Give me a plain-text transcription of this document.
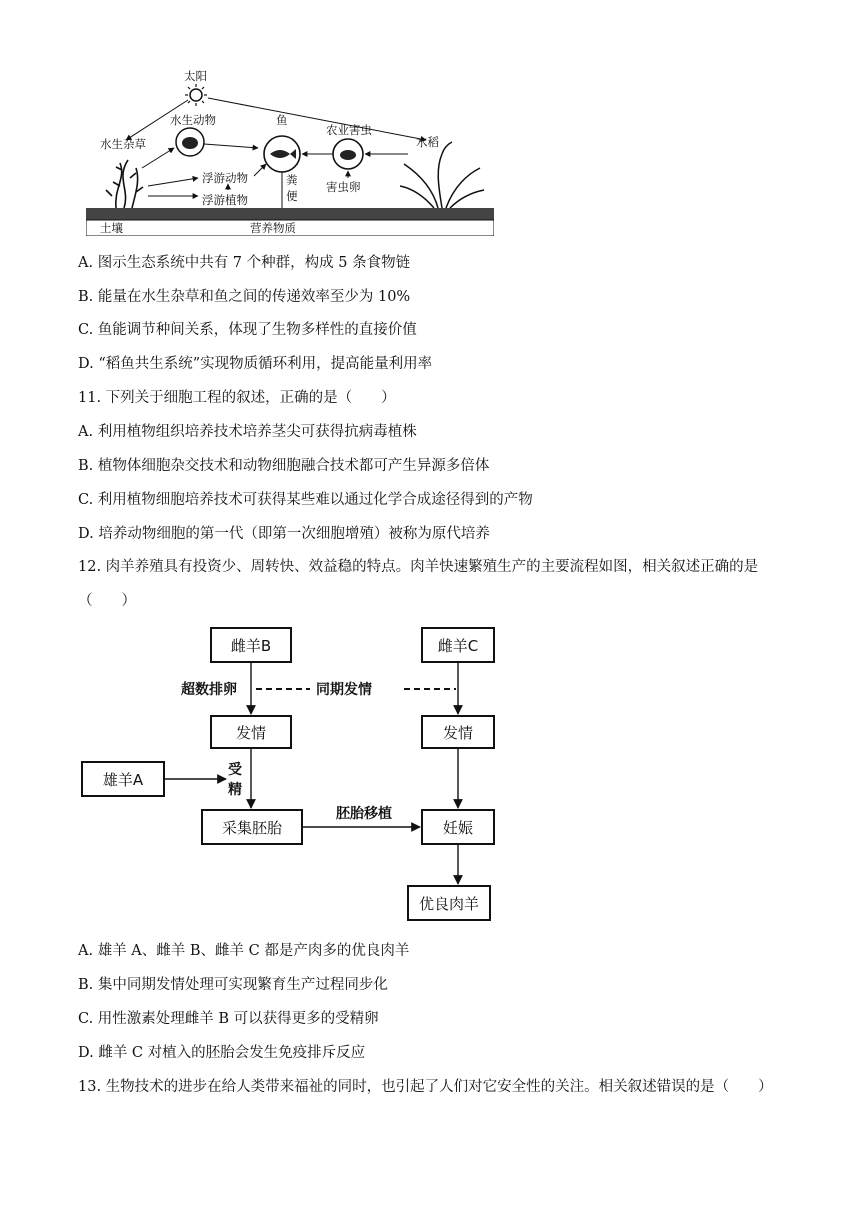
太阳
水生杂草
水生动物	鱼
农业害虫
害虫卵
水稻
浮游动物
浮游植物
粪
便
土壤	营养物质
A. 图示生态系统中共有 7 个种群，构成 5 条食物链
B. 能量在水生杂草和鱼之间的传递效率至少为 10%
C. 鱼能调节种间关系，体现了生物多样性的直接价值
D. “稻鱼共生系统”实现物质循环利用，提高能量利用率
11. 下列关于细胞工程的叙述，正确的是（　　）
A. 利用植物组织培养技术培养茎尖可获得抗病毒植株
B. 植物体细胞杂交技术和动物细胞融合技术都可产生异源多倍体
C. 利用植物细胞培养技术可获得某些难以通过化学合成途径得到的产物
D. 培养动物细胞的第一代（即第一次细胞增殖）被称为原代培养
12. 肉羊养殖具有投资少、周转快、效益稳的特点。肉羊快速繁殖生产的主要流程如图，相关叙述正确的是
（　　）
雌羊B	雌羊C
发情	发情
雄羊A
采集胚胎	妊娠
优良肉羊
超数排卵	同期发情
受
精
胚胎移植
A. 雄羊 A、雌羊 B、雌羊 C 都是产肉多的优良肉羊
B. 集中同期发情处理可实现繁育生产过程同步化
C. 用性激素处理雌羊 B 可以获得更多的受精卵
D. 雌羊 C 对植入的胚胎会发生免疫排斥反应
13. 生物技术的进步在给人类带来福祉的同时，也引起了人们对它安全性的关注。相关叙述错误的是（　　）
